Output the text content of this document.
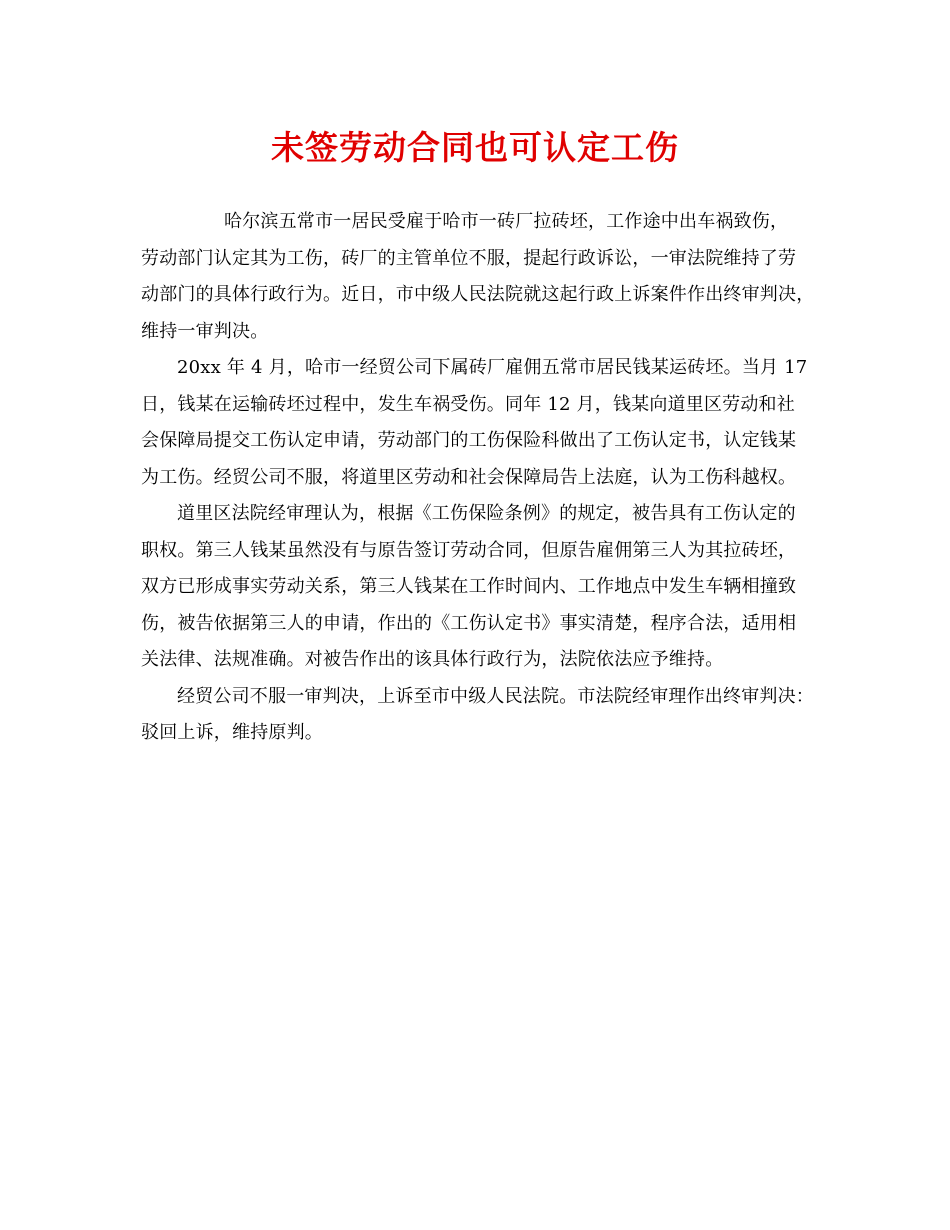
未签劳动合同也可认定工伤
哈尔滨五常市一居民受雇于哈市一砖厂拉砖坯，工作途中出车祸致伤，
劳动部门认定其为工伤，砖厂的主管单位不服，提起行政诉讼，一审法院维持了劳
动部门的具体行政行为。近日，市中级人民法院就这起行政上诉案件作出终审判决，
维持一审判决。
20xx 年 4 月，哈市一经贸公司下属砖厂雇佣五常市居民钱某运砖坯。当月 17
日，钱某在运输砖坯过程中，发生车祸受伤。同年 12 月，钱某向道里区劳动和社
会保障局提交工伤认定申请，劳动部门的工伤保险科做出了工伤认定书，认定钱某
为工伤。经贸公司不服，将道里区劳动和社会保障局告上法庭，认为工伤科越权。
道里区法院经审理认为，根据《工伤保险条例》的规定，被告具有工伤认定的
职权。第三人钱某虽然没有与原告签订劳动合同，但原告雇佣第三人为其拉砖坯，
双方已形成事实劳动关系，第三人钱某在工作时间内、工作地点中发生车辆相撞致
伤，被告依据第三人的申请，作出的《工伤认定书》事实清楚，程序合法，适用相
关法律、法规准确。对被告作出的该具体行政行为，法院依法应予维持。
经贸公司不服一审判决，上诉至市中级人民法院。市法院经审理作出终审判决：
驳回上诉，维持原判。
